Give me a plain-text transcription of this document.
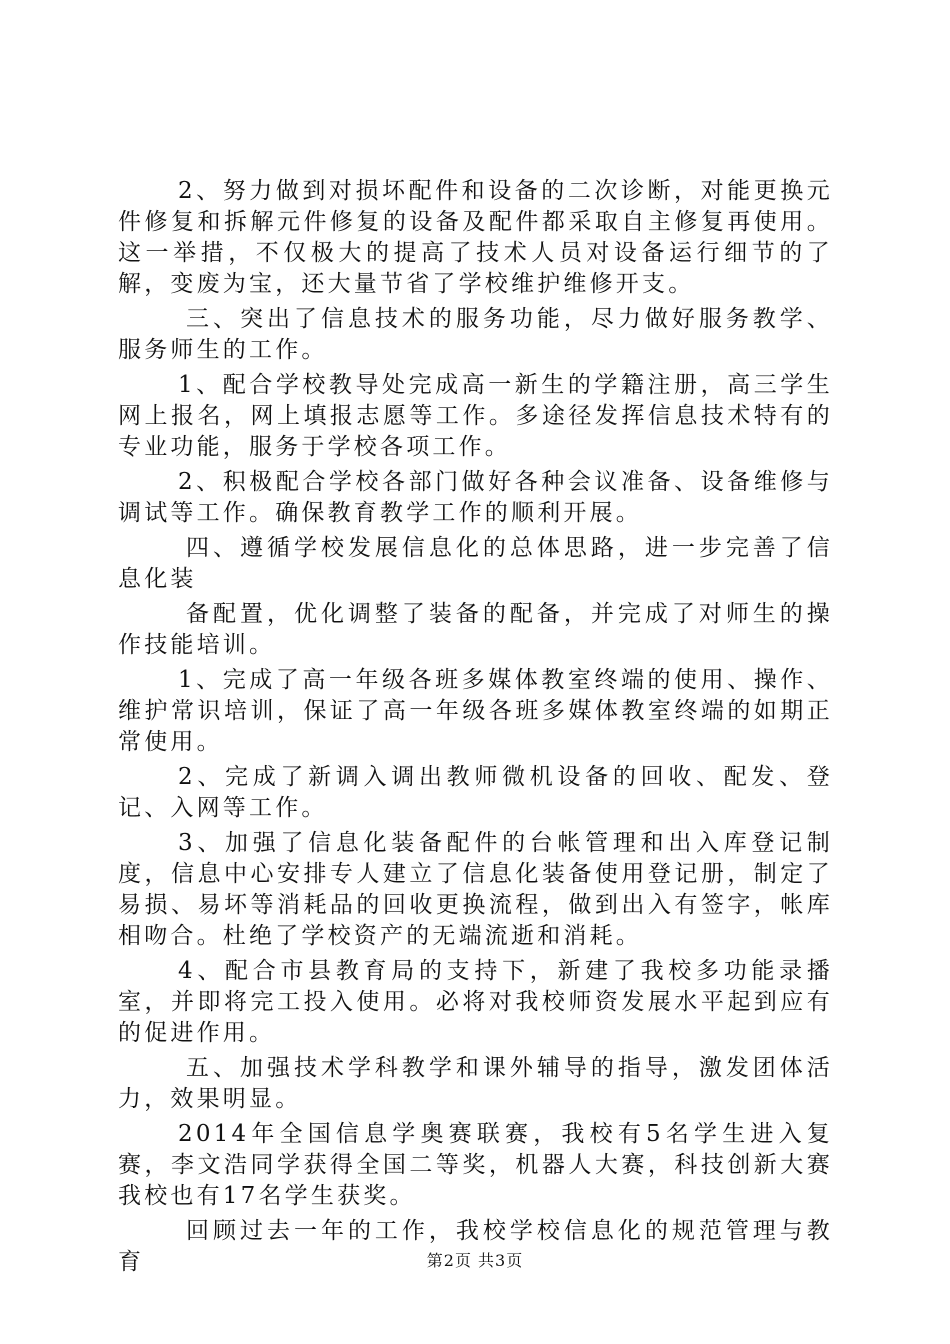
2、努力做到对损坏配件和设备的二次诊断，对能更换元件修复和拆解元件修复的设备及配件都采取自主修复再使用。这一举措，不仅极大的提高了技术人员对设备运行细节的了解，变废为宝，还大量节省了学校维护维修开支。

三、突出了信息技术的服务功能，尽力做好服务教学、服务师生的工作。

1、配合学校教导处完成高一新生的学籍注册，高三学生网上报名，网上填报志愿等工作。多途径发挥信息技术特有的专业功能，服务于学校各项工作。

2、积极配合学校各部门做好各种会议准备、设备维修与调试等工作。确保教育教学工作的顺利开展。

四、遵循学校发展信息化的总体思路，进一步完善了信息化装

备配置，优化调整了装备的配备，并完成了对师生的操作技能培训。

1、完成了高一年级各班多媒体教室终端的使用、操作、维护常识培训，保证了高一年级各班多媒体教室终端的如期正常使用。

2、完成了新调入调出教师微机设备的回收、配发、登记、入网等工作。

3、加强了信息化装备配件的台帐管理和出入库登记制度，信息中心安排专人建立了信息化装备使用登记册，制定了易损、易坏等消耗品的回收更换流程，做到出入有签字，帐库相吻合。杜绝了学校资产的无端流逝和消耗。

4、配合市县教育局的支持下，新建了我校多功能录播室，并即将完工投入使用。必将对我校师资发展水平起到应有的促进作用。

五、加强技术学科教学和课外辅导的指导，激发团体活力，效果明显。

2014年全国信息学奥赛联赛，我校有5名学生进入复赛，李文浩同学获得全国二等奖，机器人大赛，科技创新大赛我校也有17名学生获奖。

回顾过去一年的工作，我校学校信息化的规范管理与教育	第2页 共3页
